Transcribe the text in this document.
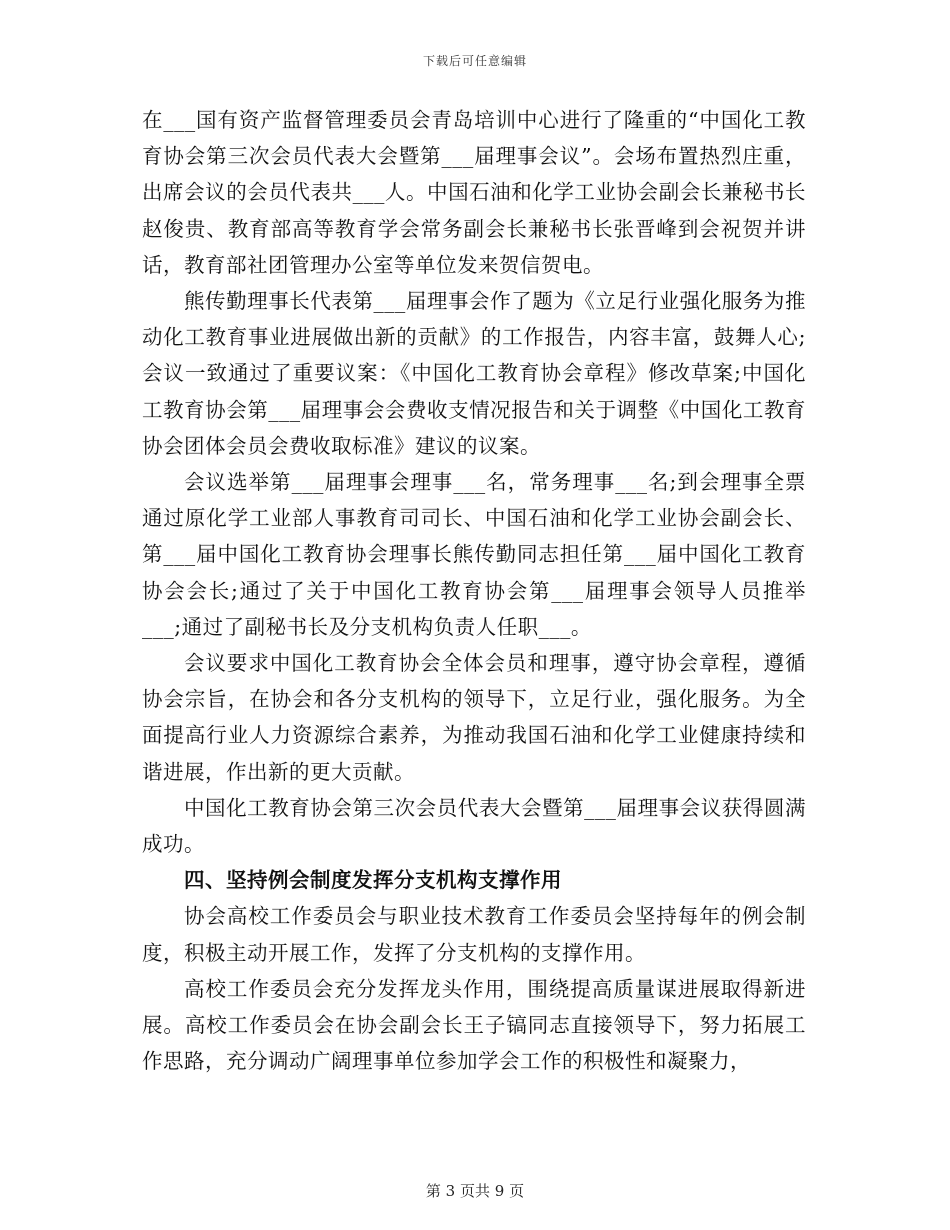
下载后可任意编辑

在___国有资产监督管理委员会青岛培训中心进行了隆重的“中国化工教育协会第三次会员代表大会暨第___届理事会议”。会场布置热烈庄重，出席会议的会员代表共___人。中国石油和化学工业协会副会长兼秘书长赵俊贵、教育部高等教育学会常务副会长兼秘书长张晋峰到会祝贺并讲话，教育部社团管理办公室等单位发来贺信贺电。

熊传勤理事长代表第___届理事会作了题为《立足行业强化服务为推动化工教育事业进展做出新的贡献》的工作报告，内容丰富，鼓舞人心;会议一致通过了重要议案：《中国化工教育协会章程》修改草案;中国化工教育协会第___届理事会会费收支情况报告和关于调整《中国化工教育协会团体会员会费收取标准》建议的议案。

会议选举第___届理事会理事___名，常务理事___名;到会理事全票通过原化学工业部人事教育司司长、中国石油和化学工业协会副会长、第___届中国化工教育协会理事长熊传勤同志担任第___届中国化工教育协会会长;通过了关于中国化工教育协会第___届理事会领导人员推举___;通过了副秘书长及分支机构负责人任职___。

会议要求中国化工教育协会全体会员和理事，遵守协会章程，遵循协会宗旨，在协会和各分支机构的领导下，立足行业，强化服务。为全面提高行业人力资源综合素养，为推动我国石油和化学工业健康持续和谐进展，作出新的更大贡献。

中国化工教育协会第三次会员代表大会暨第___届理事会议获得圆满成功。

四、坚持例会制度发挥分支机构支撑作用

协会高校工作委员会与职业技术教育工作委员会坚持每年的例会制度，积极主动开展工作，发挥了分支机构的支撑作用。

高校工作委员会充分发挥龙头作用，围绕提高质量谋进展取得新进展。高校工作委员会在协会副会长王子镐同志直接领导下，努力拓展工作思路，充分调动广阔理事单位参加学会工作的积极性和凝聚力，

第 3 页共 9 页
